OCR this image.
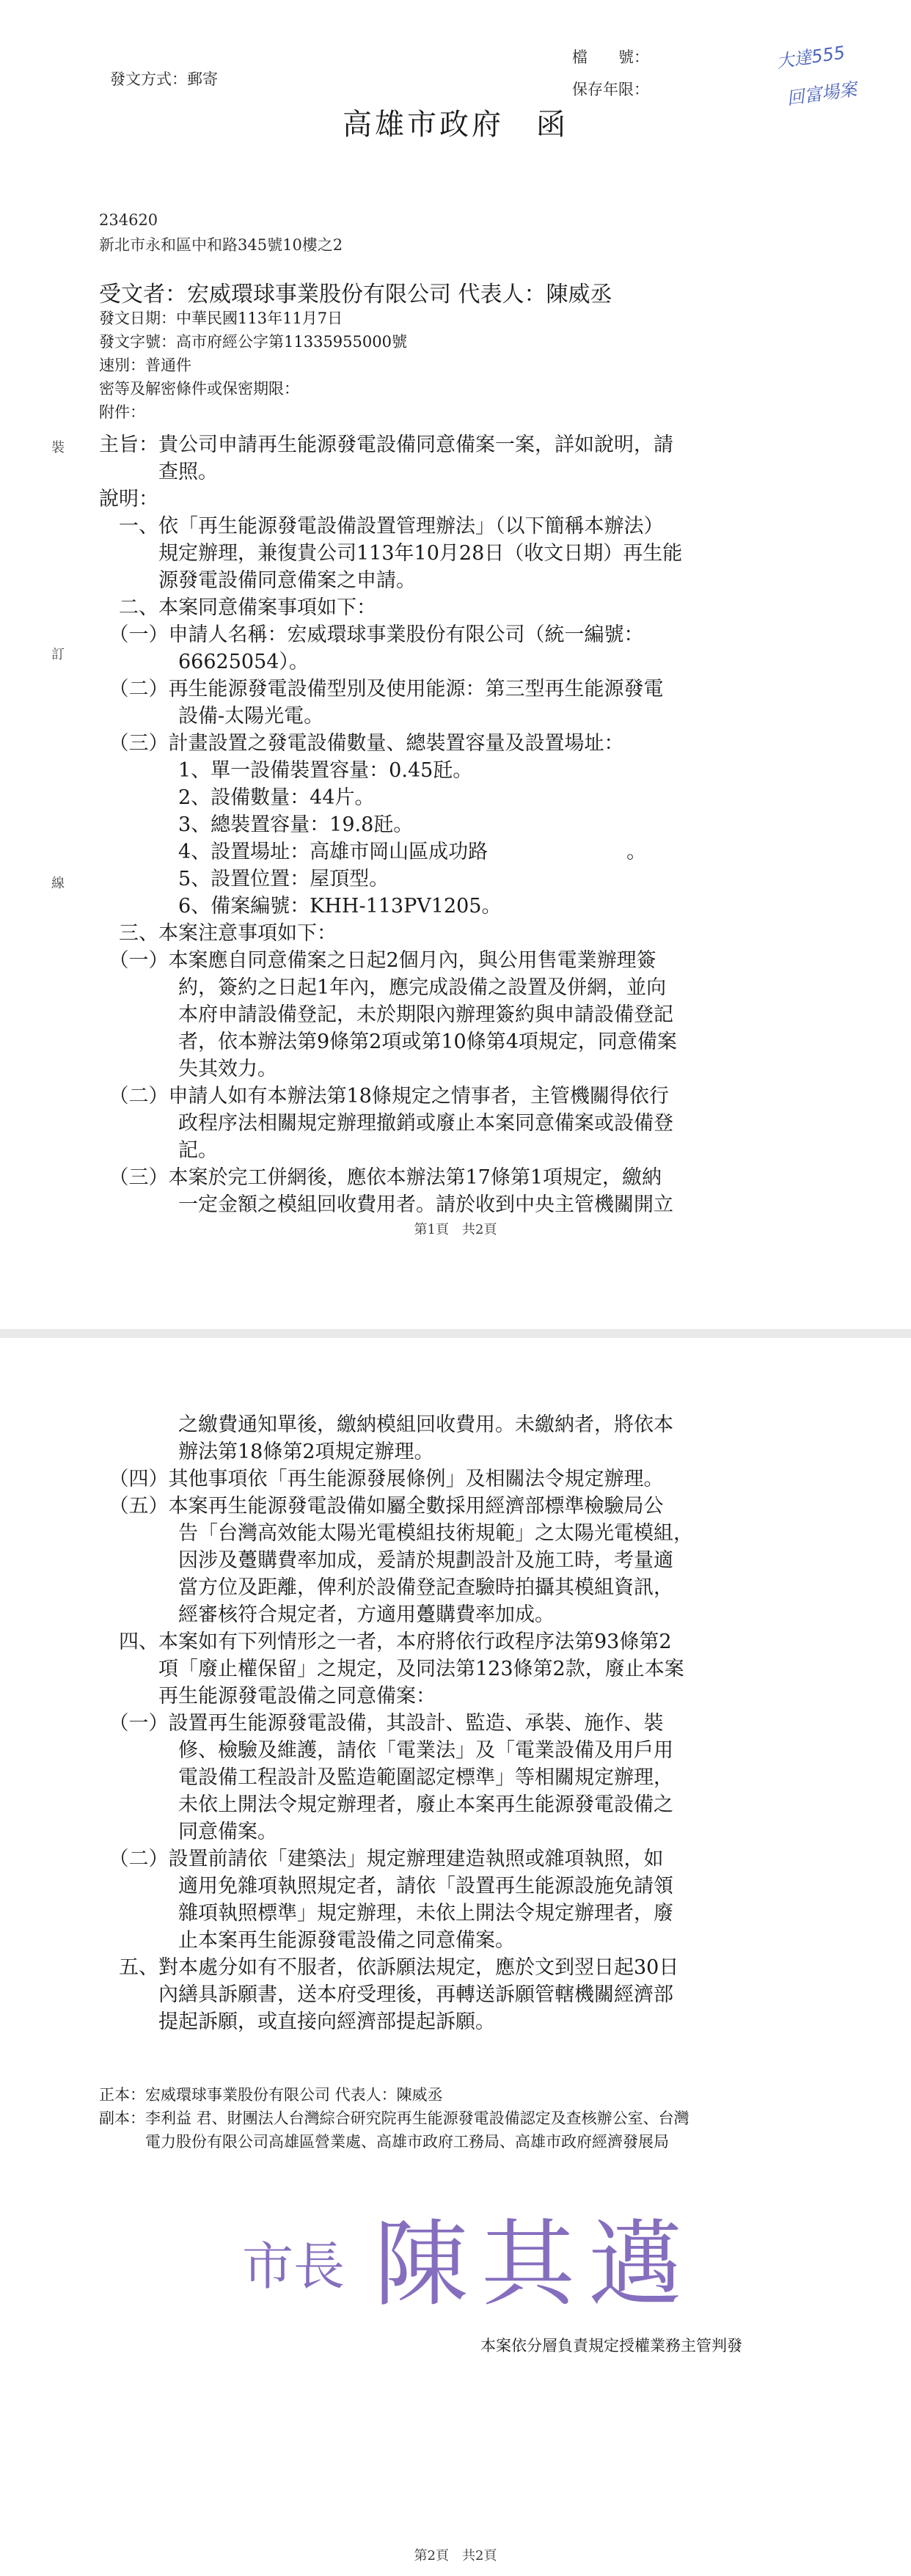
發文方式：郵寄
檔　　號：
保存年限：
大達555
回富場案
高雄市政府　函
234620
新北市永和區中和路345號10樓之2
受文者：宏威環球事業股份有限公司 代表人：陳威丞
發文日期：中華民國113年11月7日
發文字號：高市府經公字第11335955000號
速別：普通件
密等及解密條件或保密期限：
附件：
裝
訂
線
主旨：貴公司申請再生能源發電設備同意備案一案，詳如說明，請
　　　查照。
說明：
　一、依「再生能源發電設備設置管理辦法」（以下簡稱本辦法）
　　　規定辦理，兼復貴公司113年10月28日（收文日期）再生能
　　　源發電設備同意備案之申請。
　二、本案同意備案事項如下：
　（一）申請人名稱：宏威環球事業股份有限公司（統一編號：
　　　　66625054）。
　（二）再生能源發電設備型別及使用能源：第三型再生能源發電
　　　　設備-太陽光電。
　（三）計畫設置之發電設備數量、總裝置容量及設置場址：
　　　　1、單一設備裝置容量：0.45瓩。
　　　　2、設備數量：44片。
　　　　3、總裝置容量：19.8瓩。
　　　　4、設置場址：高雄市岡山區成功路　　　　　　　。
　　　　5、設置位置：屋頂型。
　　　　6、備案編號：KHH-113PV1205。
　三、本案注意事項如下：
　（一）本案應自同意備案之日起2個月內，與公用售電業辦理簽
　　　　約，簽約之日起1年內，應完成設備之設置及併網，並向
　　　　本府申請設備登記，未於期限內辦理簽約與申請設備登記
　　　　者，依本辦法第9條第2項或第10條第4項規定，同意備案
　　　　失其效力。
　（二）申請人如有本辦法第18條規定之情事者，主管機關得依行
　　　　政程序法相關規定辦理撤銷或廢止本案同意備案或設備登
　　　　記。
　（三）本案於完工併網後，應依本辦法第17條第1項規定，繳納
　　　　一定金額之模組回收費用者。請於收到中央主管機關開立
第1頁　共2頁
　　　　之繳費通知單後，繳納模組回收費用。未繳納者，將依本
　　　　辦法第18條第2項規定辦理。
　（四）其他事項依「再生能源發展條例」及相關法令規定辦理。
　（五）本案再生能源發電設備如屬全數採用經濟部標準檢驗局公
　　　　告「台灣高效能太陽光電模組技術規範」之太陽光電模組，
　　　　因涉及躉購費率加成，爰請於規劃設計及施工時，考量適
　　　　當方位及距離，俾利於設備登記查驗時拍攝其模組資訊，
　　　　經審核符合規定者，方適用躉購費率加成。
　四、本案如有下列情形之一者，本府將依行政程序法第93條第2
　　　項「廢止權保留」之規定，及同法第123條第2款，廢止本案
　　　再生能源發電設備之同意備案：
　（一）設置再生能源發電設備，其設計、監造、承裝、施作、裝
　　　　修、檢驗及維護，請依「電業法」及「電業設備及用戶用
　　　　電設備工程設計及監造範圍認定標準」等相關規定辦理，
　　　　未依上開法令規定辦理者，廢止本案再生能源發電設備之
　　　　同意備案。
　（二）設置前請依「建築法」規定辦理建造執照或雜項執照，如
　　　　適用免雜項執照規定者，請依「設置再生能源設施免請領
　　　　雜項執照標準」規定辦理，未依上開法令規定辦理者，廢
　　　　止本案再生能源發電設備之同意備案。
　五、對本處分如有不服者，依訴願法規定，應於文到翌日起30日
　　　內繕具訴願書，送本府受理後，再轉送訴願管轄機關經濟部
　　　提起訴願，或直接向經濟部提起訴願。
正本：宏威環球事業股份有限公司 代表人：陳威丞
副本：李利益 君、財團法人台灣綜合研究院再生能源發電設備認定及查核辦公室、台灣
　　　電力股份有限公司高雄區營業處、高雄市政府工務局、高雄市政府經濟發展局
市長 陳其邁
本案依分層負責規定授權業務主管判發
第2頁　共2頁
